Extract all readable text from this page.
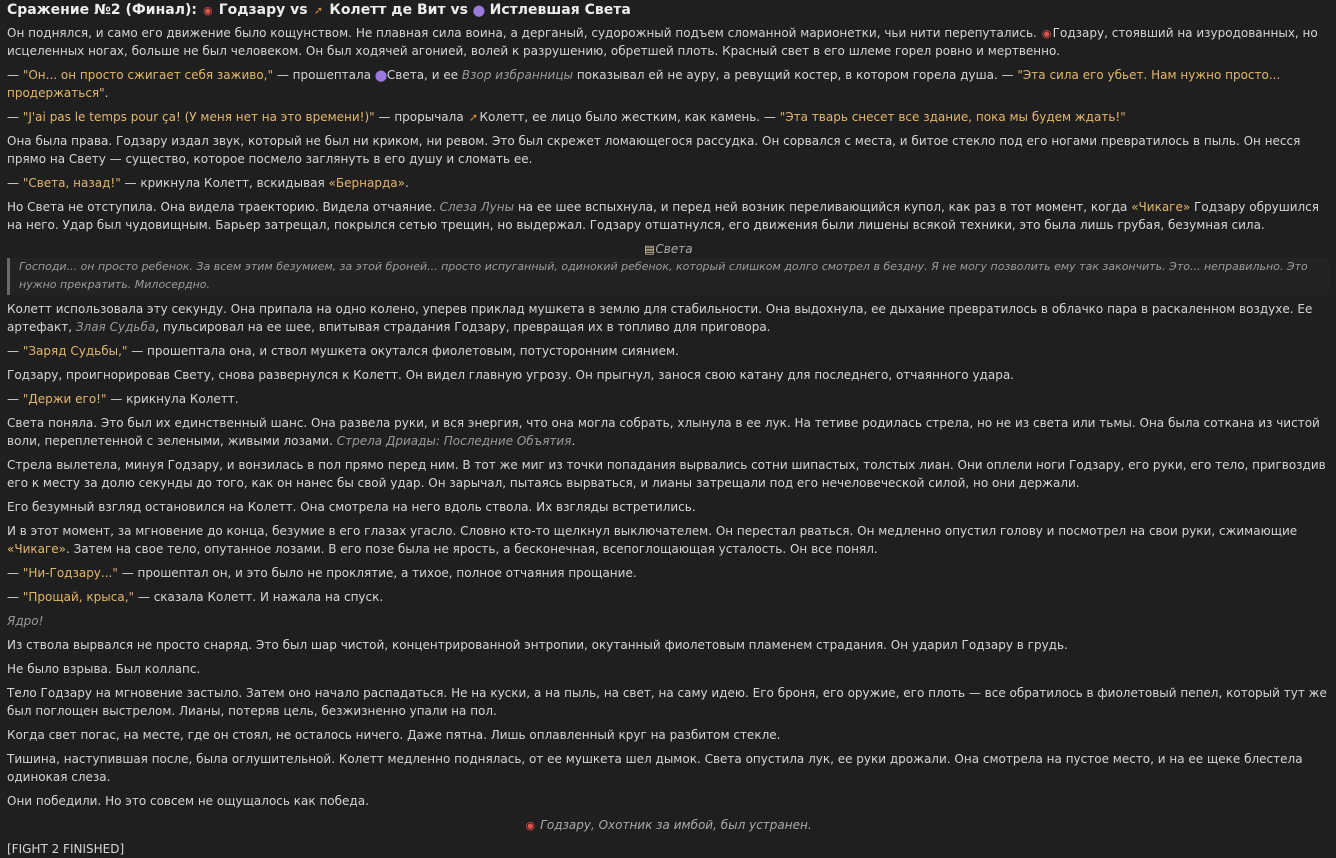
Сражение №2 (Финал): ◉ Годзару vs ➚ Колетт де Вит vs ⬤ Истлевшая Света

Он поднялся, и само его движение было кощунством. Не плавная сила воина, а дерганый, судорожный подъем сломанной марионетки, чьи нити перепутались. ◉Годзару, стоявший на изуродованных, но исцеленных ногах, больше не был человеком. Он был ходячей агонией, волей к разрушению, обретшей плоть. Красный свет в его шлеме горел ровно и мертвенно.

— "Он... он просто сжигает себя заживо," — прошептала ⬤Света, и ее Взор избранницы показывал ей не ауру, а ревущий костер, в котором горела душа. — "Эта сила его убьет. Нам нужно просто... продержаться".

— "J'ai pas le temps pour ça! (У меня нет на это времени!)" — прорычала ➚Колетт, ее лицо было жестким, как камень. — "Эта тварь снесет все здание, пока мы будем ждать!"

Она была права. Годзару издал звук, который не был ни криком, ни ревом. Это был скрежет ломающегося рассудка. Он сорвался с места, и битое стекло под его ногами превратилось в пыль. Он несся прямо на Свету — существо, которое посмело заглянуть в его душу и сломать ее.

— "Света, назад!" — крикнула Колетт, вскидывая «Бернарда».

Но Света не отступила. Она видела траекторию. Видела отчаяние. Слеза Луны на ее шее вспыхнула, и перед ней возник переливающийся купол, как раз в тот момент, когда «Чикаге» Годзару обрушился на него. Удар был чудовищным. Барьер затрещал, покрылся сетью трещин, но выдержал. Годзару отшатнулся, его движения были лишены всякой техники, это была лишь грубая, безумная сила.

▤Света
Господи... он просто ребенок. За всем этим безумием, за этой броней... просто испуганный, одинокий ребенок, который слишком долго смотрел в бездну. Я не могу позволить ему так закончить. Это... неправильно. Это нужно прекратить. Милосердно.

Колетт использовала эту секунду. Она припала на одно колено, уперев приклад мушкета в землю для стабильности. Она выдохнула, ее дыхание превратилось в облачко пара в раскаленном воздухе. Ее артефакт, Злая Судьба, пульсировал на ее шее, впитывая страдания Годзару, превращая их в топливо для приговора.

— "Заряд Судьбы," — прошептала она, и ствол мушкета окутался фиолетовым, потусторонним сиянием.

Годзару, проигнорировав Свету, снова развернулся к Колетт. Он видел главную угрозу. Он прыгнул, занося свою катану для последнего, отчаянного удара.

— "Держи его!" — крикнула Колетт.

Света поняла. Это был их единственный шанс. Она развела руки, и вся энергия, что она могла собрать, хлынула в ее лук. На тетиве родилась стрела, но не из света или тьмы. Она была соткана из чистой воли, переплетенной с зелеными, живыми лозами. Стрела Дриады: Последние Объятия.

Стрела вылетела, минуя Годзару, и вонзилась в пол прямо перед ним. В тот же миг из точки попадания вырвались сотни шипастых, толстых лиан. Они оплели ноги Годзару, его руки, его тело, пригвоздив его к месту за долю секунды до того, как он нанес бы свой удар. Он зарычал, пытаясь вырваться, и лианы затрещали под его нечеловеческой силой, но они держали.

Его безумный взгляд остановился на Колетт. Она смотрела на него вдоль ствола. Их взгляды встретились.

И в этот момент, за мгновение до конца, безумие в его глазах угасло. Словно кто-то щелкнул выключателем. Он перестал рваться. Он медленно опустил голову и посмотрел на свои руки, сжимающие «Чикаге». Затем на свое тело, опутанное лозами. В его позе была не ярость, а бесконечная, всепоглощающая усталость. Он все понял.

— "Ни-Годзару..." — прошептал он, и это было не проклятие, а тихое, полное отчаяния прощание.

— "Прощай, крыса," — сказала Колетт. И нажала на спуск.

Ядро!

Из ствола вырвался не просто снаряд. Это был шар чистой, концентрированной энтропии, окутанный фиолетовым пламенем страдания. Он ударил Годзару в грудь.

Не было взрыва. Был коллапс.

Тело Годзару на мгновение застыло. Затем оно начало распадаться. Не на куски, а на пыль, на свет, на саму идею. Его броня, его оружие, его плоть — все обратилось в фиолетовый пепел, который тут же был поглощен выстрелом. Лианы, потеряв цель, безжизненно упали на пол.

Когда свет погас, на месте, где он стоял, не осталось ничего. Даже пятна. Лишь оплавленный круг на разбитом стекле.

Тишина, наступившая после, была оглушительной. Колетт медленно поднялась, от ее мушкета шел дымок. Света опустила лук, ее руки дрожали. Она смотрела на пустое место, и на ее щеке блестела одинокая слеза.

Они победили. Но это совсем не ощущалось как победа.

◉ Годзару, Охотник за имбой, был устранен.

[FIGHT 2 FINISHED]
